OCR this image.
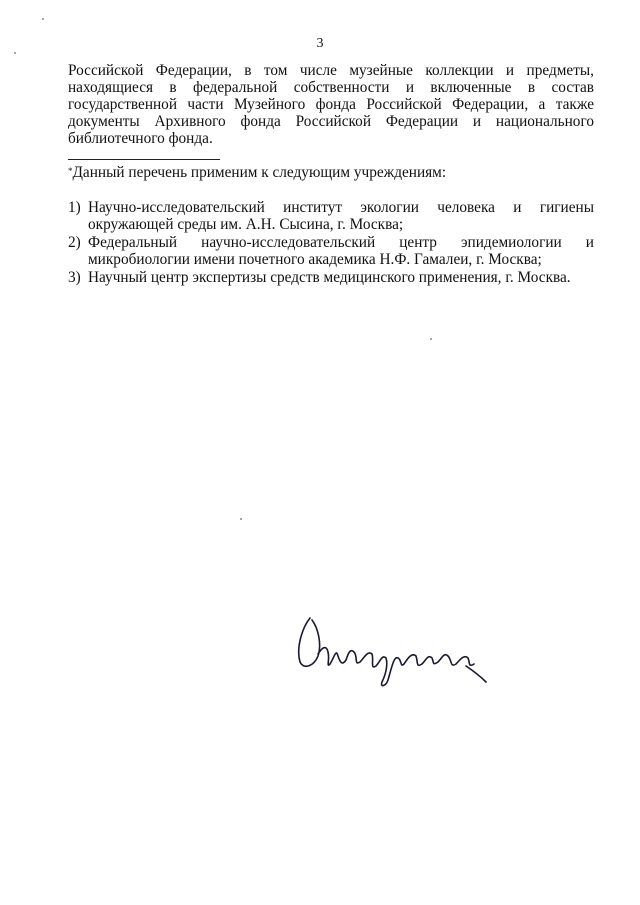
3
Российской Федерации, в том числе музейные коллекции и предметы, находящиеся в федеральной собственности и включенные в состав государственной части Музейного фонда Российской Федерации, а также документы Архивного фонда Российской Федерации и национального библиотечного фонда.
*Данный перечень применим к следующим учреждениям:
1) Научно-исследовательский институт экологии человека и гигиены окружающей среды им. А.Н. Сысина, г. Москва;
2) Федеральный научно-исследовательский центр эпидемиологии и микробиологии имени почетного академика Н.Ф. Гамалеи, г. Москва;
3) Научный центр экспертизы средств медицинского применения, г. Москва.
